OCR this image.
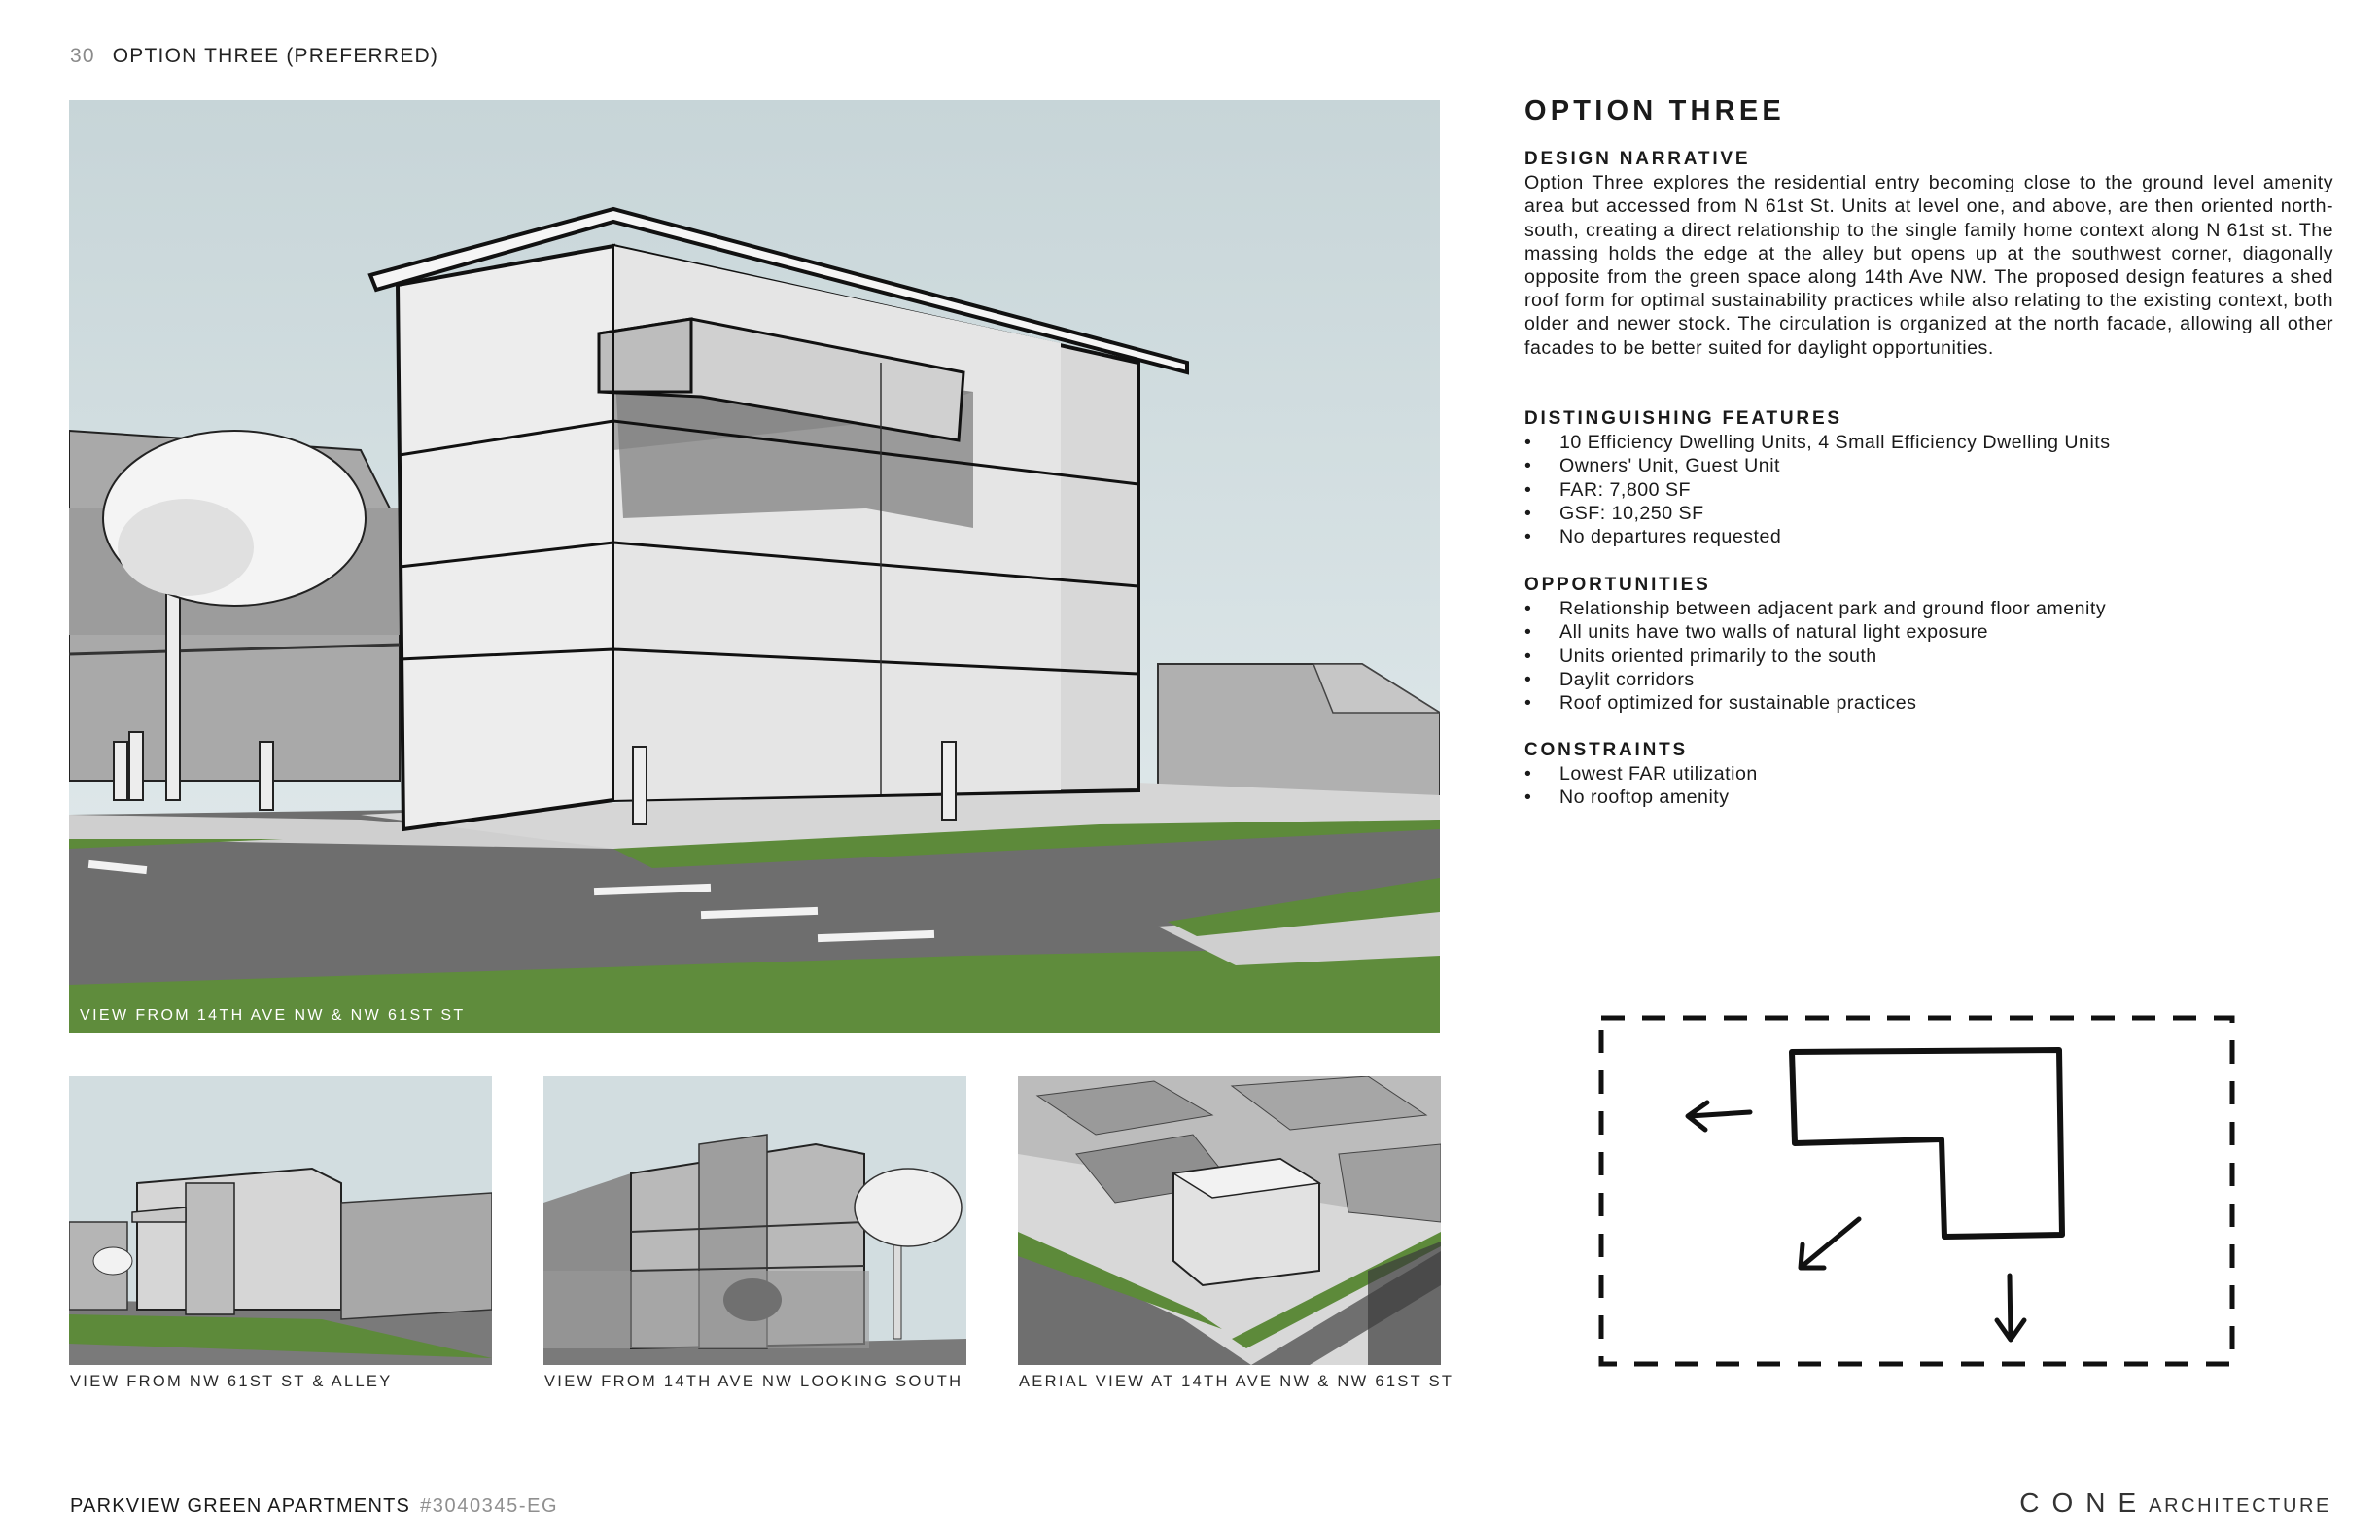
30 OPTION THREE (PREFERRED)
VIEW FROM 14TH AVE NW & NW 61ST ST
VIEW FROM NW 61ST ST & ALLEY	VIEW FROM 14TH AVE NW LOOKING SOUTH	AERIAL VIEW AT 14TH AVE NW & NW 61ST ST
OPTION THREE
DESIGN NARRATIVE

Option Three explores the residential entry becoming close to the ground level amenity area but accessed from N 61st St. Units at level one, and above, are then oriented north-south, creating a direct relationship to the single family home context along N 61st st. The massing holds the edge at the alley but opens up at the southwest corner, diagonally opposite from the green space along 14th Ave NW. The proposed design features a shed roof form for optimal sustainability practices while also relating to the existing context, both older and newer stock. The circulation is organized at the north facade, allowing all other facades to be better suited for daylight opportunities.

DISTINGUISHING FEATURES
• 10 Efficiency Dwelling Units, 4 Small Efficiency Dwelling Units
• Owners' Unit, Guest Unit
• FAR: 7,800 SF
• GSF: 10,250 SF
• No departures requested
OPPORTUNITIES
• Relationship between adjacent park and ground floor amenity
• All units have two walls of natural light exposure
• Units oriented primarily to the south
• Daylit corridors
• Roof optimized for sustainable practices
CONSTRAINTS
• Lowest FAR utilization
• No rooftop amenity
PARKVIEW GREEN APARTMENTS #3040345-EG	CONEARCHITECTURE
